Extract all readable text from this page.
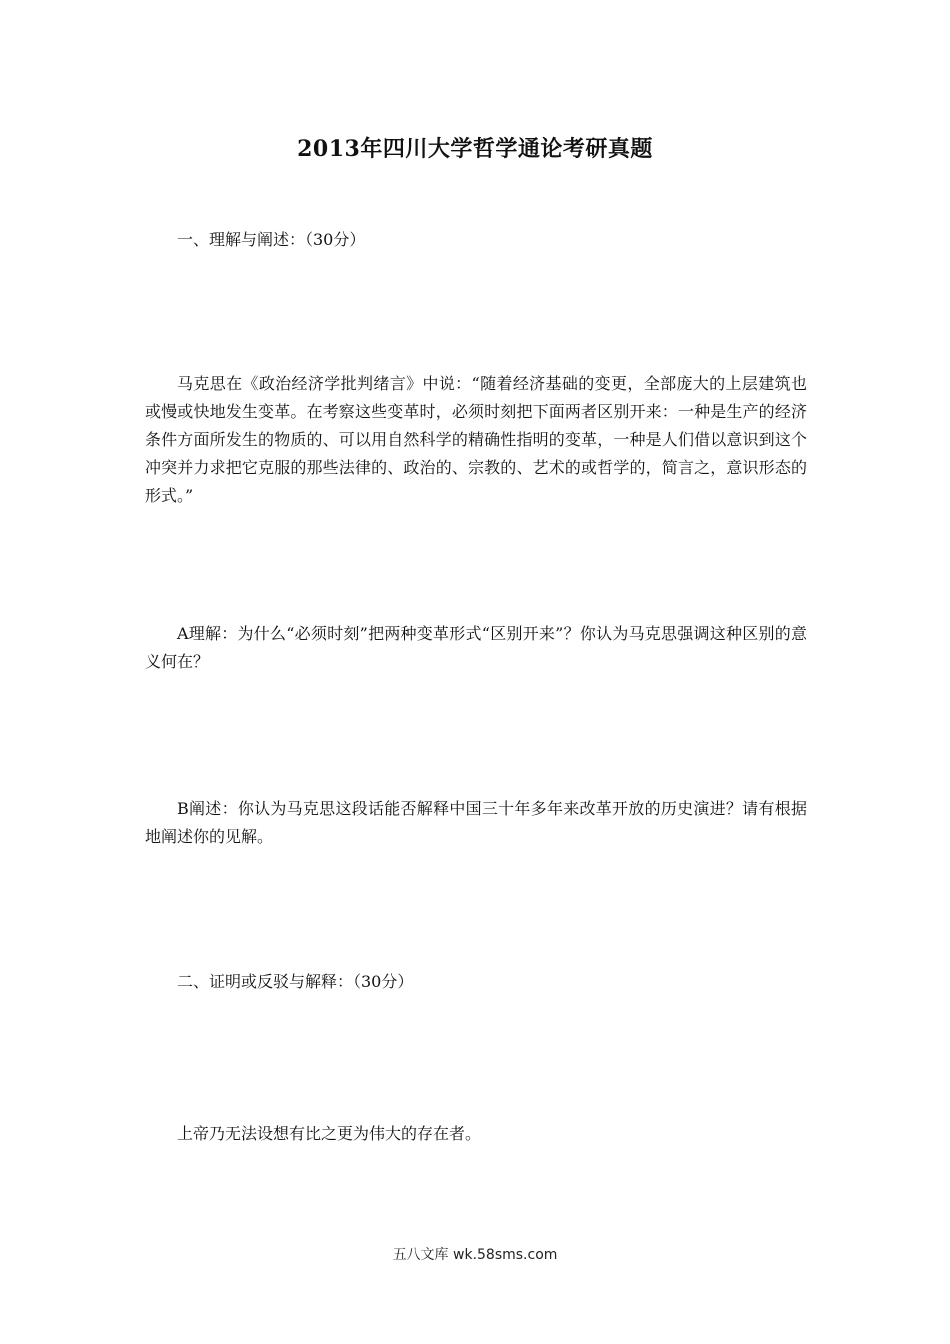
2013年四川大学哲学通论考研真题

一、理解与阐述：（30分）

马克思在《政治经济学批判绪言》中说：“随着经济基础的变更，全部庞大的上层建筑也或慢或快地发生变革。在考察这些变革时，必须时刻把下面两者区别开来：一种是生产的经济条件方面所发生的物质的、可以用自然科学的精确性指明的变革，一种是人们借以意识到这个冲突并力求把它克服的那些法律的、政治的、宗教的、艺术的或哲学的，简言之，意识形态的形式。”

A理解：为什么“必须时刻”把两种变革形式“区别开来”？你认为马克思强调这种区别的意义何在？

B阐述：你认为马克思这段话能否解释中国三十年多年来改革开放的历史演进？请有根据地阐述你的见解。

二、证明或反驳与解释：（30分）

上帝乃无法设想有比之更为伟大的存在者。

五八文库 wk.58sms.com
